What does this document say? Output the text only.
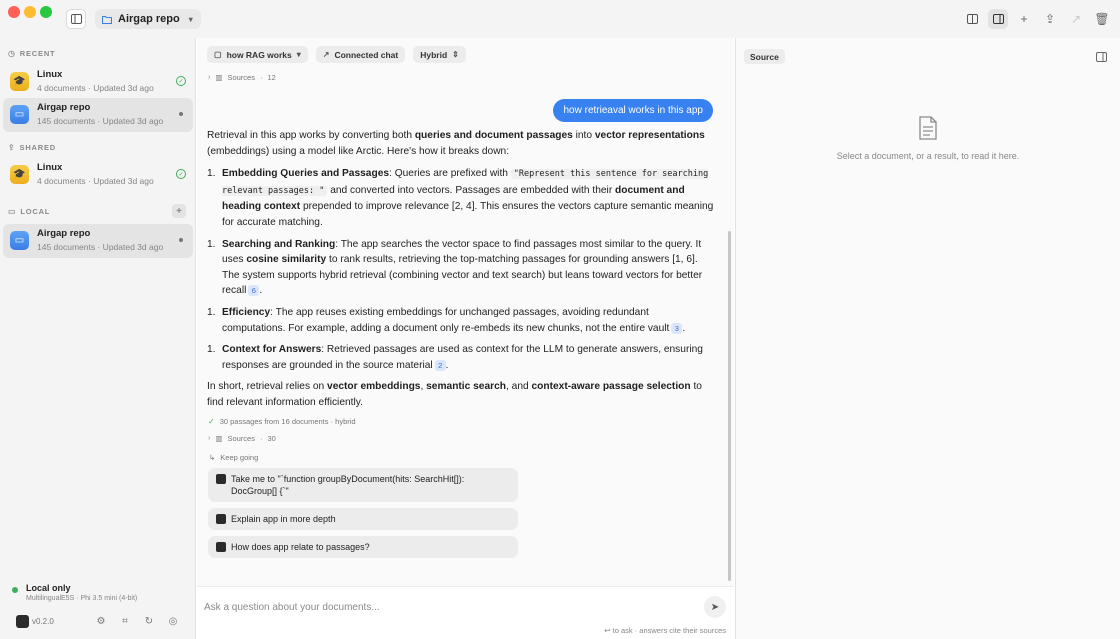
Airgap repo ▾	+ ⇪ ↗ 🗑
◷ RECENT
🎓
Linux
4 documents · Updated 3d ago
✓
▭
Airgap repo
145 documents · Updated 3d ago
⇪ SHARED
🎓
Linux
4 documents · Updated 3d ago
✓
▭ LOCAL	+
▭
Airgap repo
145 documents · Updated 3d ago
Local only
MultilingualE5S · Phi 3.5 mini (4-bit)
v0.2.0	⚙	⌗	↻ ◎
▢ how RAG works ▾	↗ Connected chat	Hybrid ⇕
› ▥ Sources · 12
how retrieaval works in this app

Retrieval in this app works by converting both queries and document passages into vector representations (embeddings) using a model like Arctic. Here's how it breaks down:

1. Embedding Queries and Passages: Queries are prefixed with "Represent this sentence for searching relevant passages: " and converted into vectors. Passages are embedded with their document and heading context prepended to improve relevance [2, 4]. This ensures the vectors capture semantic meaning for accurate matching.
1. Searching and Ranking: The app searches the vector space to find passages most similar to the query. It uses cosine similarity to rank results, retrieving the top-matching passages for grounding answers [1, 6]. The system supports hybrid retrieval (combining vector and text search) but leans toward vectors for better recall 6 .
1. Efficiency: The app reuses existing embeddings for unchanged passages, avoiding redundant computations. For example, adding a document only re-embeds its new chunks, not the entire vault 3 .
1. Context for Answers: Retrieved passages are used as context for the LLM to generate answers, ensuring responses are grounded in the source material 2 .

In short, retrieval relies on vector embeddings, semantic search, and context-aware passage selection to find relevant information efficiently.

✓ 30 passages from 16 documents · hybrid
› ▥ Sources · 30
↳ Keep going
Take me to "`function groupByDocument(hits: SearchHit[]): DocGroup[] {`"
Explain app in more depth
How does app relate to passages?
Ask a question about your documents...
➤
↩ to ask · answers cite their sources
Source
Select a document, or a result, to read it here.
